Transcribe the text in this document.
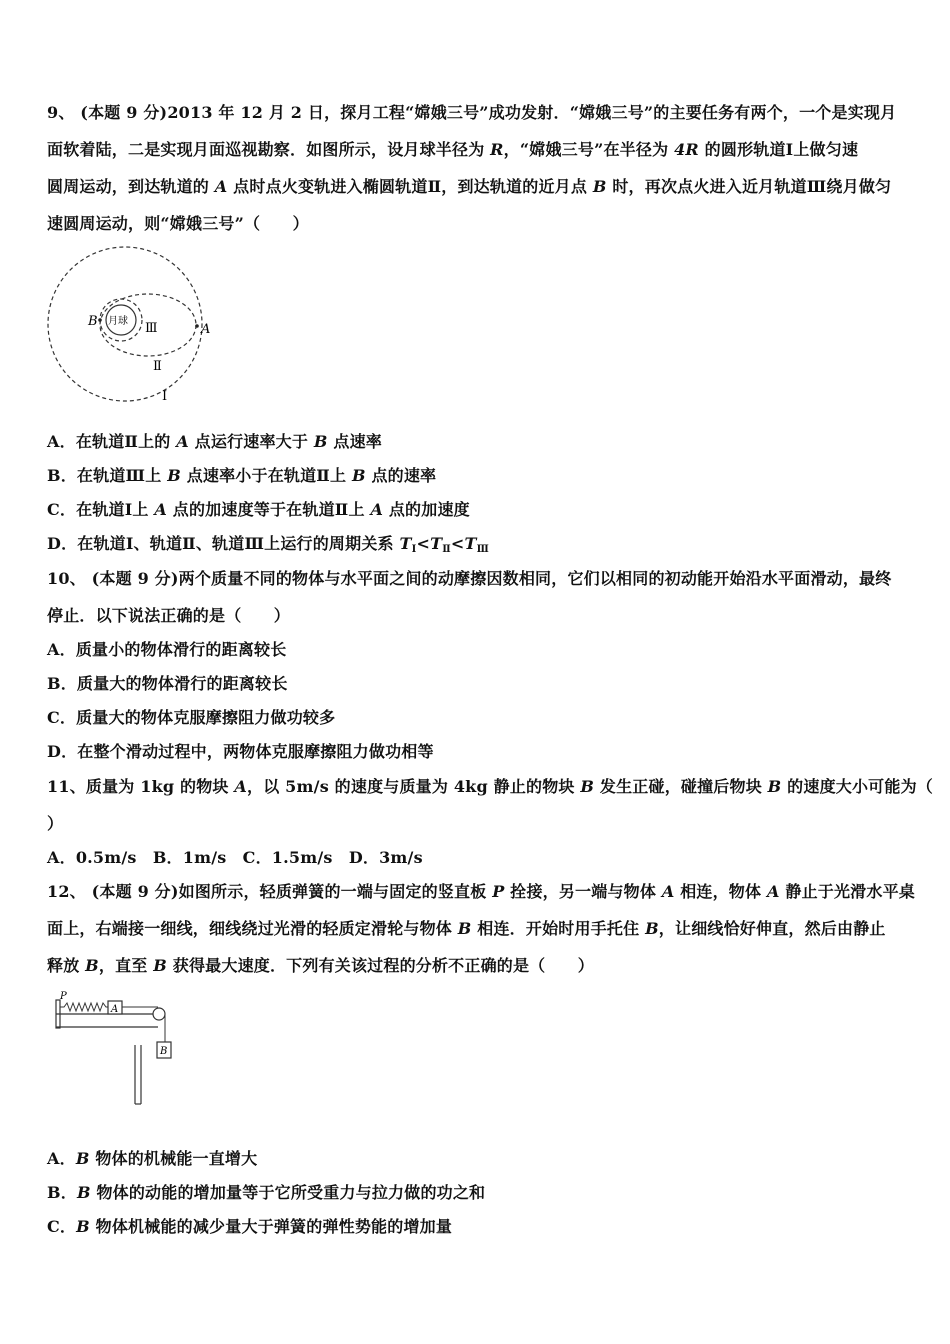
9、 (本题 9 分)2013 年 12 月 2 日，探月工程“嫦娥三号”成功发射．“嫦娥三号”的主要任务有两个，一个是实现月
面软着陆，二是实现月面巡视勘察．如图所示，设月球半径为 R，“嫦娥三号”在半径为 4R 的圆形轨道Ⅰ上做匀速
圆周运动，到达轨道的 A 点时点火变轨进入椭圆轨道Ⅱ，到达轨道的近月点 B 时，再次点火进入近月轨道Ⅲ绕月做匀
速圆周运动，则“嫦娥三号”（　　）
B 月球 Ⅲ	A
Ⅱ
Ⅰ
A．在轨道Ⅱ上的 A 点运行速率大于 B 点速率
B．在轨道Ⅲ上 B 点速率小于在轨道Ⅱ上 B 点的速率
C．在轨道Ⅰ上 A 点的加速度等于在轨道Ⅱ上 A 点的加速度
D．在轨道Ⅰ、轨道Ⅱ、轨道Ⅲ上运行的周期关系 $T_Ⅰ<T_Ⅱ<T_Ⅲ$
10、 (本题 9 分)两个质量不同的物体与水平面之间的动摩擦因数相同，它们以相同的初动能开始沿水平面滑动，最终
停止．以下说法正确的是（　　）
A．质量小的物体滑行的距离较长
B．质量大的物体滑行的距离较长
C．质量大的物体克服摩擦阻力做功较多
D．在整个滑动过程中，两物体克服摩擦阻力做功相等
11、质量为 1kg 的物块 A，以 5m/s 的速度与质量为 4kg 静止的物块 B 发生正碰，碰撞后物块 B 的速度大小可能为（
）
A．0.5m/s　B．1m/s　C．1.5m/s　D．3m/s
12、 (本题 9 分)如图所示，轻质弹簧的一端与固定的竖直板 P 拴接，另一端与物体 A 相连，物体 A 静止于光滑水平桌
面上，右端接一细线，细线绕过光滑的轻质定滑轮与物体 B 相连．开始时用手托住 B，让细线恰好伸直，然后由静止
释放 B，直至 B 获得最大速度．下列有关该过程的分析不正确的是（　　）
P
A
B
A．B 物体的机械能一直增大
B．B 物体的动能的增加量等于它所受重力与拉力做的功之和
C．B 物体机械能的减少量大于弹簧的弹性势能的增加量
